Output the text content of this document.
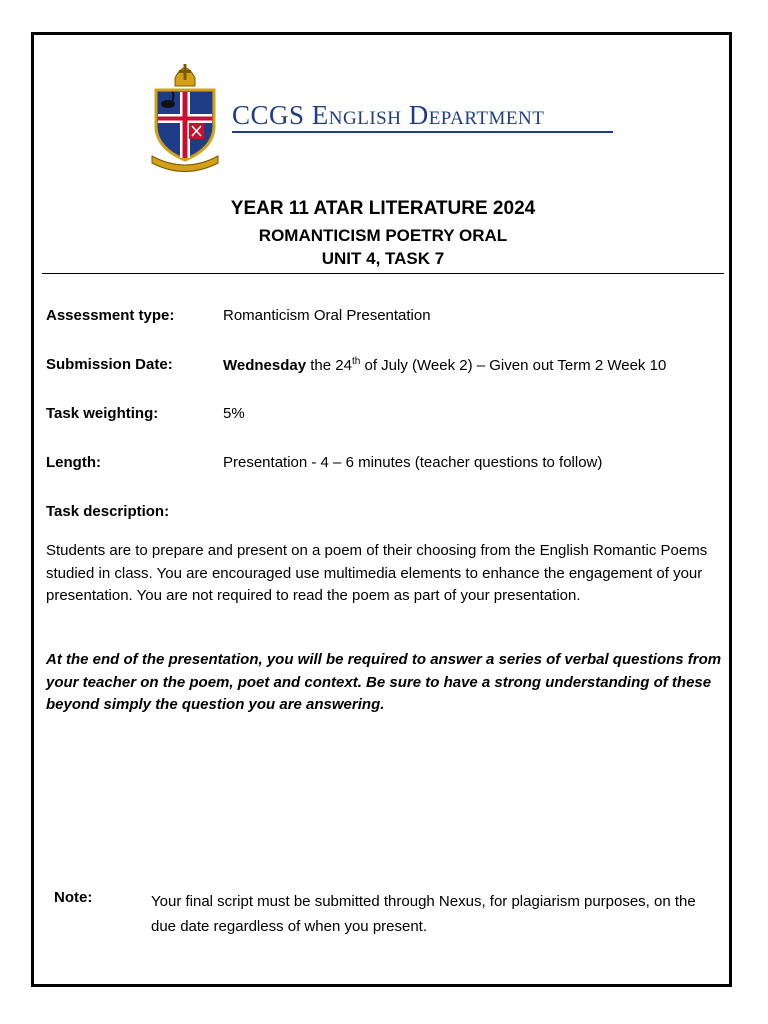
CCGS English Department
YEAR 11 ATAR LITERATURE 2024
ROMANTICISM POETRY ORAL
UNIT 4, TASK 7
Assessment type:	Romanticism Oral Presentation
Submission Date:	Wednesday the 24th of July (Week 2) – Given out Term 2 Week 10
Task weighting:	5%
Length:	Presentation - 4 – 6 minutes (teacher questions to follow)
Task description:
Students are to prepare and present on a poem of their choosing from the English Romantic Poems studied in class. You are encouraged use multimedia elements to enhance the engagement of your presentation. You are not required to read the poem as part of your presentation.
At the end of the presentation, you will be required to answer a series of verbal questions from your teacher on the poem, poet and context. Be sure to have a strong understanding of these beyond simply the question you are answering.
Note:	Your final script must be submitted through Nexus, for plagiarism purposes, on the due date regardless of when you present.
